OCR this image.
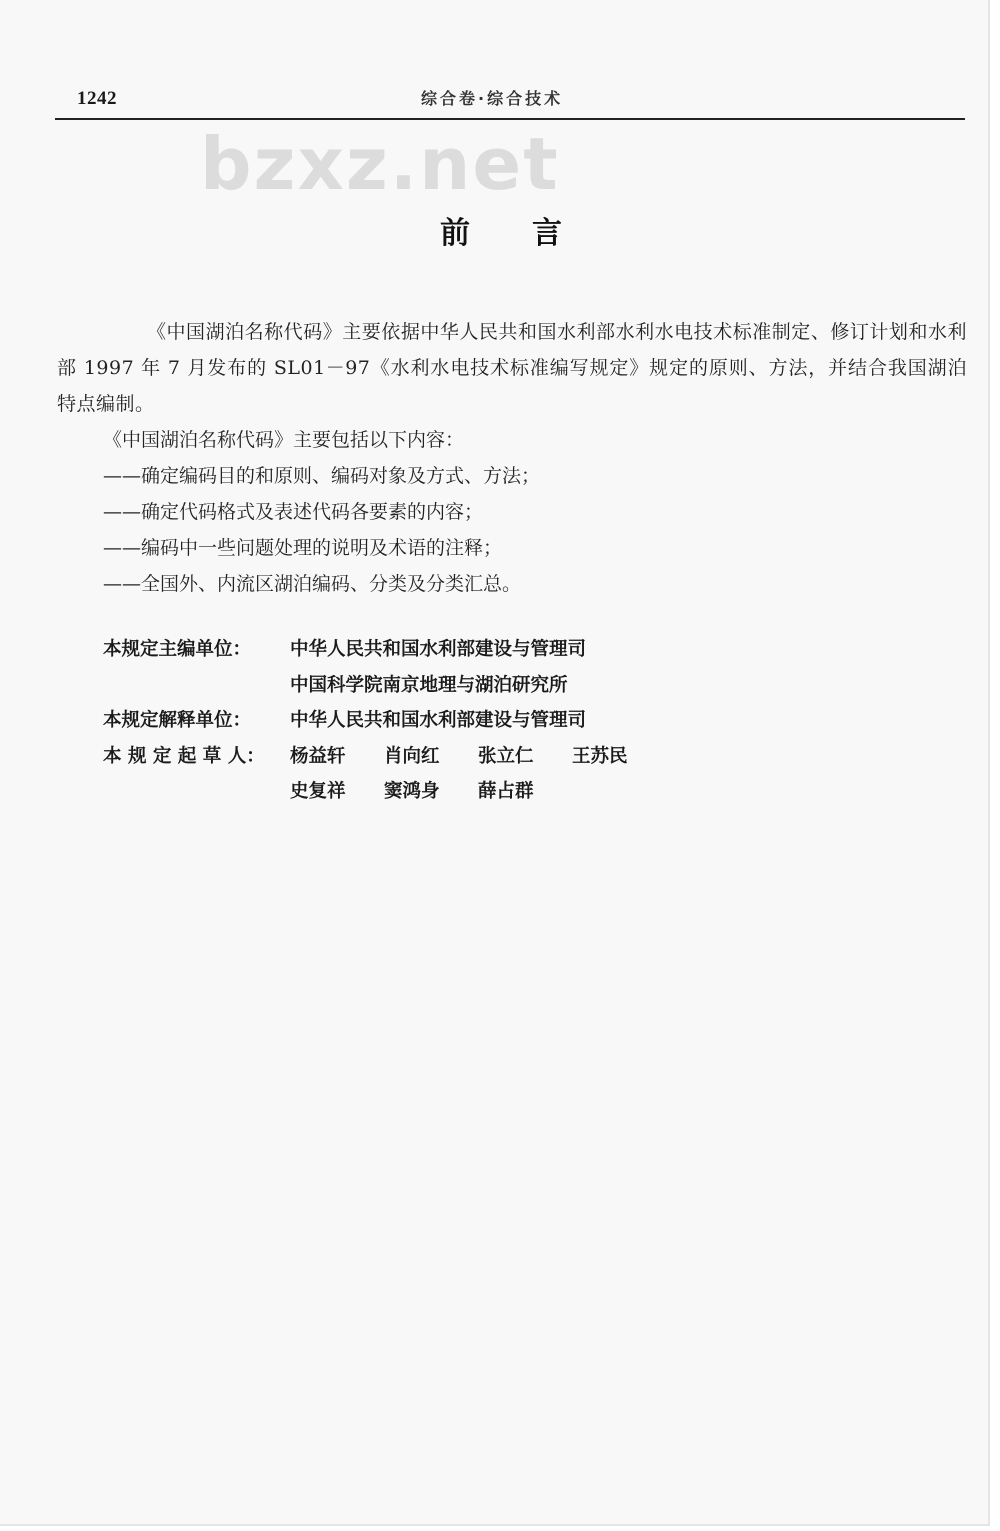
1242	综合卷·综合技术
bzxz.net
前言

《中国湖泊名称代码》主要依据中华人民共和国水利部水利水电技术标准制定、修订计划和水利部 1997 年 7 月发布的 SL01－97《水利水电技术标准编写规定》规定的原则、方法，并结合我国湖泊特点编制。

《中国湖泊名称代码》主要包括以下内容：

——确定编码目的和原则、编码对象及方式、方法；

——确定代码格式及表述代码各要素的内容；

——编码中一些问题处理的说明及术语的注释；

——全国外、内流区湖泊编码、分类及分类汇总。

本规定主编单位：	中华人民共和国水利部建设与管理司
中国科学院南京地理与湖泊研究所
本规定解释单位：	中华人民共和国水利部建设与管理司
本 规 定 起 草 人：	杨益轩	肖向红	张立仁	王苏民
史复祥	窦鸿身	薛占群
